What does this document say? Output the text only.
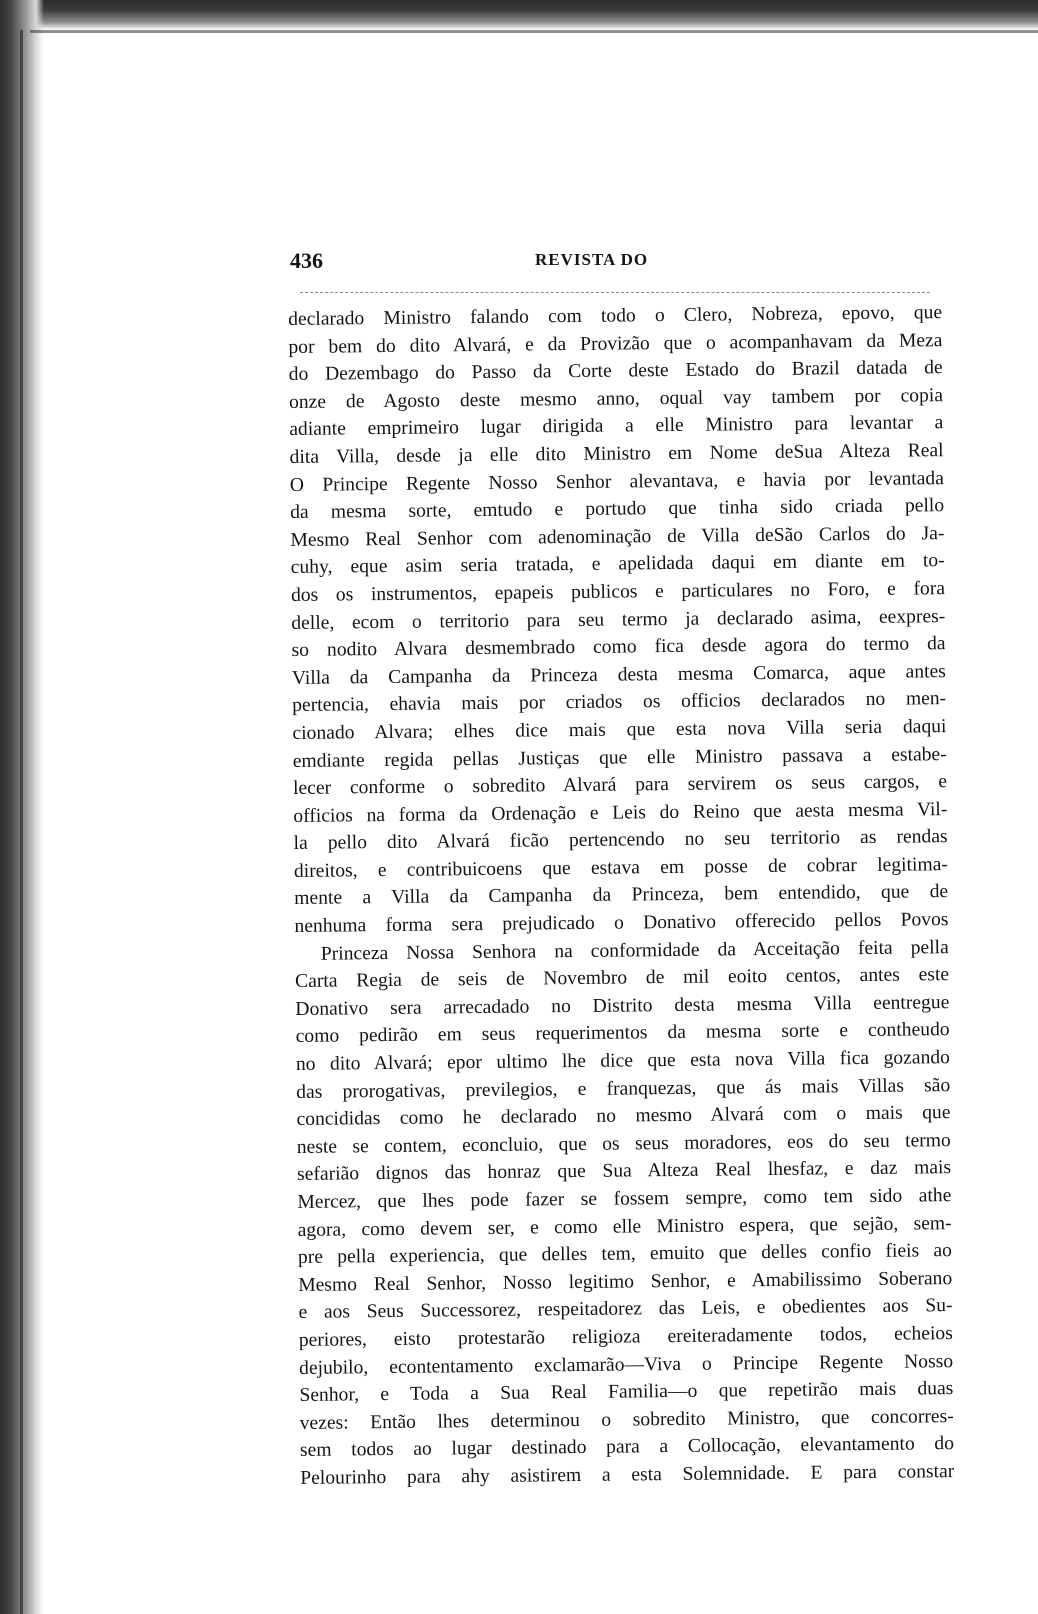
436	REVISTA DO
declarado Ministro falando com todo o Clero, Nobreza, epovo, que
por bem do dito Alvará, e da Provizão que o acompanhavam da Meza
do Dezembago do Passo da Corte deste Estado do Brazil datada de
onze de Agosto deste mesmo anno, oqual vay tambem por copia
adiante emprimeiro lugar dirigida a elle Ministro para levantar a
dita Villa, desde ja elle dito Ministro em Nome deSua Alteza Real
O Principe Regente Nosso Senhor alevantava, e havia por levantada
da mesma sorte, emtudo e portudo que tinha sido criada pello
Mesmo Real Senhor com adenominação de Villa deSão Carlos do Ja-
cuhy, eque asim seria tratada, e apelidada daqui em diante em to-
dos os instrumentos, epapeis publicos e particulares no Foro, e fora
delle, ecom o territorio para seu termo ja declarado asima, eexpres-
so nodito Alvara desmembrado como fica desde agora do termo da
Villa da Campanha da Princeza desta mesma Comarca, aque antes
pertencia, ehavia mais por criados os officios declarados no men-
cionado Alvara; elhes dice mais que esta nova Villa seria daqui
emdiante regida pellas Justiças que elle Ministro passava a estabe-
lecer conforme o sobredito Alvará para servirem os seus cargos, e
officios na forma da Ordenação e Leis do Reino que aesta mesma Vil-
la pello dito Alvará ficão pertencendo no seu territorio as rendas
direitos, e contribuicoens que estava em posse de cobrar legitima-
mente a Villa da Campanha da Princeza, bem entendido, que de
nenhuma forma sera prejudicado o Donativo offerecido pellos Povos
Princeza Nossa Senhora na conformidade da Acceitação feita pella
Carta Regia de seis de Novembro de mil eoito centos, antes este
Donativo sera arrecadado no Distrito desta mesma Villa eentregue
como pedirão em seus requerimentos da mesma sorte e contheudo
no dito Alvará; epor ultimo lhe dice que esta nova Villa fica gozando
das prorogativas, previlegios, e franquezas, que ás mais Villas são
concididas como he declarado no mesmo Alvará com o mais que
neste se contem, econcluio, que os seus moradores, eos do seu termo
sefarião dignos das honraz que Sua Alteza Real lhesfaz, e daz mais
Mercez, que lhes pode fazer se fossem sempre, como tem sido athe
agora, como devem ser, e como elle Ministro espera, que sejão, sem-
pre pella experiencia, que delles tem, emuito que delles confio fieis ao
Mesmo Real Senhor, Nosso legitimo Senhor, e Amabilissimo Soberano
e aos Seus Successorez, respeitadorez das Leis, e obedientes aos Su-
periores, eisto protestarão religioza ereiteradamente todos, echeios
dejubilo, econtentamento exclamarão—Viva o Principe Regente Nosso
Senhor, e Toda a Sua Real Familia—o que repetirão mais duas
vezes: Então lhes determinou o sobredito Ministro, que concorres-
sem todos ao lugar destinado para a Collocação, elevantamento do
Pelourinho para ahy asistirem a esta Solemnidade. E para constar
